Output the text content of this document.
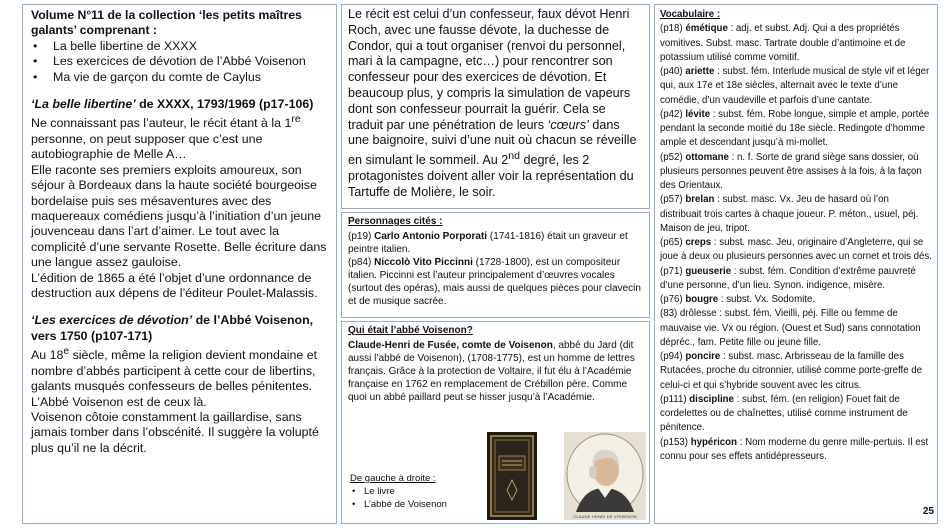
Volume N°11 de la collection ‘les petits maîtres galants’ comprenant :

• La belle libertine de XXXX
• Les exercices de dévotion de l’Abbé Voisenon
• Ma vie de garçon du comte de Caylus

‘La belle libertine’ de XXXX, 1793/1969 (p17-106)

Ne connaissant pas l’auteur, le récit étant à la 1re personne, on peut supposer que c’est une autobiographie de Melle A…

Elle raconte ses premiers exploits amoureux, son séjour à Bordeaux dans la haute société bourgeoise bordelaise puis ses mésaventures avec des maquereaux comédiens jusqu’à l’initiation d’un jeune jouvenceau dans l’art d’aimer. Le tout avec la complicité d’une servante Rosette. Belle écriture dans une langue assez gauloise.

L’édition de 1865 a été l’objet d’une ordonnance de destruction aux dépens de l’éditeur Poulet-Malassis.

‘Les exercices de dévotion’ de l’Abbé Voisenon, vers 1750 (p107-171)

Au 18e siècle, même la religion devient mondaine et nombre d’abbés participent à cette cour de libertins, galants musqués confesseurs de belles pénitentes. L’Abbé Voisenon est de ceux là.

Voisenon côtoie constamment la gaillardise, sans jamais tomber dans l’obscénité. Il suggère la volupté plus qu’il ne la décrit.

Le récit est celui d’un confesseur, faux dévot Henri Roch, avec une fausse dévote, la duchesse de Condor, qui a tout organiser (renvoi du personnel, mari à la campagne, etc…) pour rencontrer son confesseur pour des exercices de dévotion. Et beaucoup plus, y compris la simulation de vapeurs dont son confesseur pourrait la guérir. Cela se traduit par une pénétration de leurs ‘cœurs’ dans une baignoire, suivi d’une nuit où chacun se réveille en simulant le sommeil. Au 2nd degré, les 2 protagonistes doivent aller voir la représentation du Tartuffe de Molière, le soir.

Personnages cités :

(p19) Carlo Antonio Porporati (1741-1816) était un graveur et peintre italien.

(p84) Niccolò Vito Piccinni (1728-1800), est un compositeur italien. Piccinni est l’auteur principalement d’œuvres vocales (surtout des opéras), mais aussi de quelques pièces pour clavecin et de musique sacrée.

Qui était l’abbé Voisenon?

Claude-Henri de Fusée, comte de Voisenon, abbé du Jard (dit aussi l’abbé de Voisenon), (1708-1775), est un homme de lettres français. Grâce à la protection de Voltaire, il fut élu à l’Académie française en 1762 en remplacement de Crébillon père. Comme quoi un abbé paillard peut se hisser jusqu’à l’Académie.

CLAUDE HENRI DE VOISENON

De gauche à droite :

• Le livre
• L’abbé de Voisenon

Vocabulaire :

(p18) émétique : adj. et subst. Adj. Qui a des propriétés vomitives. Subst. masc. Tartrate double d’antimoine et de potassium utilisé comme vomitif.

(p40) ariette : subst. fém. Interlude musical de style vif et léger qui, aux 17e et 18e siècles, alternait avec le texte d’une comédie, d’un vaudeville et parfois d’une cantate.

(p42) lévite : subst. fém. Robe longue, simple et ample, portée pendant la seconde moitié du 18e siècle. Redingote d’homme ample et descendant jusqu’à mi-mollet.

(p52) ottomane : n. f. Sorte de grand siège sans dossier, où plusieurs personnes peuvent être assises à la fois, à la façon des Orientaux.

(p57) brelan : subst. masc. Vx. Jeu de hasard où l’on distribuait trois cartes à chaque joueur. P. méton., usuel, péj. Maison de jeu, tripot.

(p65) creps : subst. masc. Jeu, originaire d’Angleterre, qui se joue à deux ou plusieurs personnes avec un cornet et trois dés.

(p71) gueuserie : subst. fém. Condition d’extrême pauvreté d’une personne, d’un lieu. Synon. indigence, misère.

(p76) bougre : subst. Vx. Sodomite.

(83) drôlesse : subst. fém. Vieilli, péj. Fille ou femme de mauvaise vie. Vx ou région. (Ouest et Sud) sans connotation dépréc., fam. Petite fille ou jeune fille.

(p94) poncire : subst. masc. Arbrisseau de la famille des Rutacées, proche du citronnier, utilisé comme porte-greffe de celui-ci et qui s’hybride souvent avec les citrus.

(p111) discipline : subst. fém. (en religion) Fouet fait de cordelettes ou de chaînettes, utilisé comme instrument de pénitence.

(p153) hypéricon : Nom moderne du genre mille-pertuis. Il est connu pour ses effets antidépresseurs.

25
